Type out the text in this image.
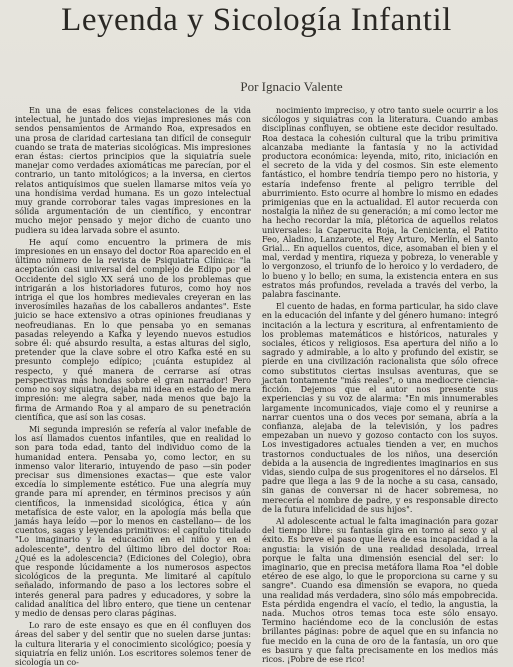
Leyenda y Sicología Infantil
Por Ignacio Valente

En una de esas felices constelaciones de la vida intelectual, he juntado dos viejas impresiones más con sendos pensamientos de Armando Roa, expresados en una prosa de claridad cartesiana tan difícil de conseguir cuando se trata de materias sicológicas. Mis impresiones eran éstas: ciertos principios que la siquiatría suele manejar como verdades axiomáticas me parecían, por el contrario, un tanto mitológicos; a la inversa, en ciertos relatos antiquísimos que suelen llamarse mitos veía yo una hondísima verdad humana. Es un gozo intelectual muy grande corroborar tales vagas impresiones en la sólida argumentación de un científico, y encontrar mucho mejor pensado y mejor dicho de cuanto uno pudiera su idea larvada sobre el asunto.

He aquí como encuentro la primera de mis impresiones en un ensayo del doctor Roa aparecido en el último número de la revista de Psiquiatría Clínica: "la aceptación casi universal del complejo de Edipo por el Occidente del siglo XX será uno de los problemas que intrigarán a los historiadores futuros, como hoy nos intriga el que los hombres medievales creyeran en las inverosímiles hazañas de los caballeros andantes". Este juicio se hace extensivo a otras opiniones freudianas y neofreudianas. En lo que pensaba yo en semanas pasadas releyendo a Kafka y leyendo nuevos estudios sobre él: qué absurdo resulta, a estas alturas del siglo, pretender que la clave sobre el otro Kafka esté en su presunto complejo edípico; ¡cuánta estupidez al respecto, y qué manera de cerrarse así otras perspectivas más hondas sobre el gran narrador! Pero como no soy siquiatra, dejaba mi idea en estado de mera impresión: me alegra saber, nada menos que bajo la firma de Armando Roa y al amparo de su penetración científica, que así son las cosas.

Mi segunda impresión se refería al valor inefable de los así llamados cuentos infantiles, que en realidad lo son para toda edad, tanto del individuo como de la humanidad entera. Pensaba yo, como lector, en su inmenso valor literario, intuyendo de paso —sin poder precisar sus dimensiones exactas— que este valor excedía lo simplemente estético. Fue una alegría muy grande para mí aprender, en términos precisos y aún científicos, la inmensidad sicológica, ética y aún metafísica de este valor, en la apología más bella que jamás haya leído —por lo menos en castellano— de los cuentos, sagas y leyendas primitivos: el capítulo titulado "Lo imaginario y la educación en el niño y en el adolescente", dentro del último libro del doctor Roa: ¿Qué es la adolescencia? (Ediciones del Colegio), obra que responde lúcidamente a los numerosos aspectos sicológicos de la pregunta. Me limitaré al capítulo señalado, informando de paso a los lectores sobre el interés general para padres y educadores, y sobre la calidad analítica del libro entero, que tiene un centenar y medio de densas pero claras páginas.

Lo raro de este ensayo es que en él confluyen dos áreas del saber y del sentir que no suelen darse juntas: la cultura literaria y el conocimiento sicológico; poesía y siquiatría en feliz unión. Los escritores solemos tener de sicología un co-

nocimiento impreciso, y otro tanto suele ocurrir a los sicólogos y siquiatras con la literatura. Cuando ambas disciplinas confluyen, se obtiene este decidor resultado. Roa destaca la cohesión cultural que la tribu primitiva alcanzaba mediante la fantasía y no la actividad productora económica: leyenda, mito, rito, iniciación en el secreto de la vida y del cosmos. Sin este elemento fantástico, el hombre tendría tiempo pero no historia, y estaría indefenso frente al peligro terrible del aburrimiento. Esto ocurre al hombre lo mismo en edades primigenias que en la actualidad. El autor recuerda con nostalgia la niñez de su generación; a mí como lector me ha hecho recordar la mía, plétorica de aquellos relatos universales: la Caperucita Roja, la Cenicienta, el Patito Feo, Aladino, Lanzarote, el Rey Arturo, Merlín, el Santo Grial... En aquellos cuentos, dice, asomaban el bien y el mal, verdad y mentira, riqueza y pobreza, lo venerable y lo vergonzoso, el triunfo de lo heroico y lo verdadero, de lo bueno y lo bello; en suma, la existencia entera en sus estratos más profundos, revelada a través del verbo, la palabra fascinante.

El cuento de hadas, en forma particular, ha sido clave en la educación del infante y del género humano: integró incitación a la lectura y escritura, al enfrentamiento de los problemas matemáticos e históricos, naturales y sociales, éticos y religiosos. Esa apertura del niño a lo sagrado y admirable, a lo alto y profundo del existir, se pierde en una civilización racionalista que sólo ofrece como substitutos ciertas insulsas aventuras, que se jactan tontamente "más reales", o una mediocre ciencia-ficción. Dejemos que el autor nos presente sus experiencias y su voz de alarma: "En mis innumerables largamente incomunicados, viaje como el y reunirse a narrar cuentos una o dos veces por semana, abría a la confianza, alejaba de la televisión, y los padres empezaban un nuevo y gozoso contacto con los suyos. Los investigadores actuales tienden a ver, en muchos trastornos conductuales de los niños, una deserción debida a la ausencia de ingredientes imaginarios en sus vidas, siendo culpa de sus progenitores el no dárselos. El padre que llega a las 9 de la noche a su casa, cansado, sin ganas de conversar ni de hacer sobremesa, no merecería el nombre de padre, y es responsable directo de la futura infelicidad de sus hijos".

Al adolescente actual le falta imaginación para gozar del tiempo libre: su fantasía gira en torno al sexo y al éxito. Es breve el paso que lleva de esa incapacidad a la angustia: la visión de una realidad desolada, irreal porque le falta una dimensión esencial del ser: lo imaginario, que en precisa metáfora llama Roa "el doble etéreo de ese algo, lo que le proporciona su carne y su sangre". Cuando esa dimensión se evapora, no queda una realidad más verdadera, sino sólo más empobrecida. Esta pérdida engendra el vacío, el tedio, la angustia, la nada. Muchos otros temas toca este sólo ensayo. Termino haciéndome eco de la conclusión de estas brillantes páginas: pobre de aquel que en su infancia no fue mecido en la cuna de oro de la fantasía, un oro que es basura y que falta precisamente en los medios más ricos. ¡Pobre de ese rico!
